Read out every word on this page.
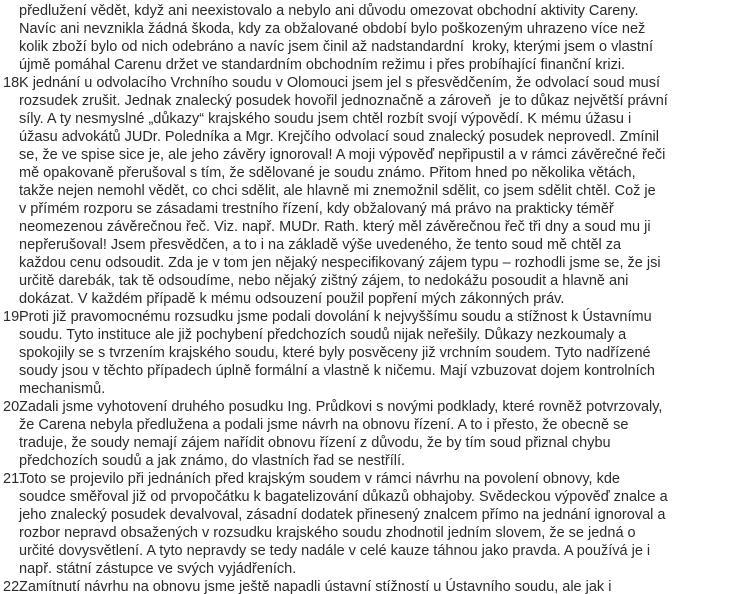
předlužení vědět, když ani neexistovalo a nebylo ani důvodu omezovat obchodní aktivity Careny.
Navíc ani nevznikla žádná škoda, kdy za obžalované období bylo poškozeným uhrazeno více než
kolik zboží bylo od nich odebráno a navíc jsem činil až nadstandardní  kroky, kterými jsem o vlastní
újmě pomáhal Carenu držet ve standardním obchodním režimu i přes probíhající finanční krizi.
18.
K jednání u odvolacího Vrchního soudu v Olomouci jsem jel s přesvědčením, že odvolací soud musí
rozsudek zrušit. Jednak znalecký posudek hovořil jednoznačně a zároveň  je to důkaz největší právní
síly. A ty nesmyslné „důkazy“ krajského soudu jsem chtěl rozbít svojí výpovědí. K mému úžasu i
úžasu advokátů JUDr. Poledníka a Mgr. Krejčího odvolací soud znalecký posudek neprovedl. Zmínil
se, že ve spise sice je, ale jeho závěry ignoroval! A moji výpověď nepřipustil a v rámci závěrečné řeči
mě opakovaně přerušoval s tím, že sdělované je soudu známo. Přitom hned po několika větách,
takže nejen nemohl vědět, co chci sdělit, ale hlavně mi znemožnil sdělit, co jsem sdělit chtěl. Což je
v přímém rozporu se zásadami trestního řízení, kdy obžalovaný má právo na prakticky téměř
neomezenou závěrečnou řeč. Viz. např. MUDr. Rath. který měl závěrečnou řeč tři dny a soud mu ji
nepřerušoval! Jsem přesvědčen, a to i na základě výše uvedeného, že tento soud mě chtěl za
každou cenu odsoudit. Zda je v tom jen nějaký nespecifikovaný zájem typu – rozhodli jsme se, že jsi
určitě darebák, tak tě odsoudíme, nebo nějaký zištný zájem, to nedokážu posoudit a hlavně ani
dokázat. V každém případě k mému odsouzení použil popření mých zákonných práv.
19.
Proti již pravomocnému rozsudku jsme podali dovolání k nejvyššímu soudu a stížnost k Ústavnímu
soudu. Tyto instituce ale již pochybení předchozích soudů nijak neřešily. Důkazy nezkoumaly a
spokojily se s tvrzením krajského soudu, které byly posvěceny již vrchním soudem. Tyto nadřízené
soudy jsou v těchto případech úplně formální a vlastně k ničemu. Mají vzbuzovat dojem kontrolních
mechanismů.
20.
Zadali jsme vyhotovení druhého posudku Ing. Průdkovi s novými podklady, které rovněž potvrzovaly,
že Carena nebyla předlužena a podali jsme návrh na obnovu řízení. A to i přesto, že obecně se
traduje, že soudy nemají zájem nařídit obnovu řízení z důvodu, že by tím soud přiznal chybu
předchozích soudů a jak známo, do vlastních řad se nestřílí.
21.
Toto se projevilo při jednáních před krajským soudem v rámci návrhu na povolení obnovy, kde
soudce směřoval již od prvopočátku k bagatelizování důkazů obhajoby. Svědeckou výpověď znalce a
jeho znalecký posudek devalvoval, zásadní dodatek přinesený znalcem přímo na jednání ignoroval a
rozbor nepravd obsažených v rozsudku krajského soudu zhodnotil jedním slovem, že se jedná o
určité dovysvětlení. A tyto nepravdy se tedy nadále v celé kauze táhnou jako pravda. A používá je i
např. státní zástupce ve svých vyjádřeních.
22.
Zamítnutí návrhu na obnovu jsme ještě napadli ústavní stížností u Ústavního soudu, ale jak i
